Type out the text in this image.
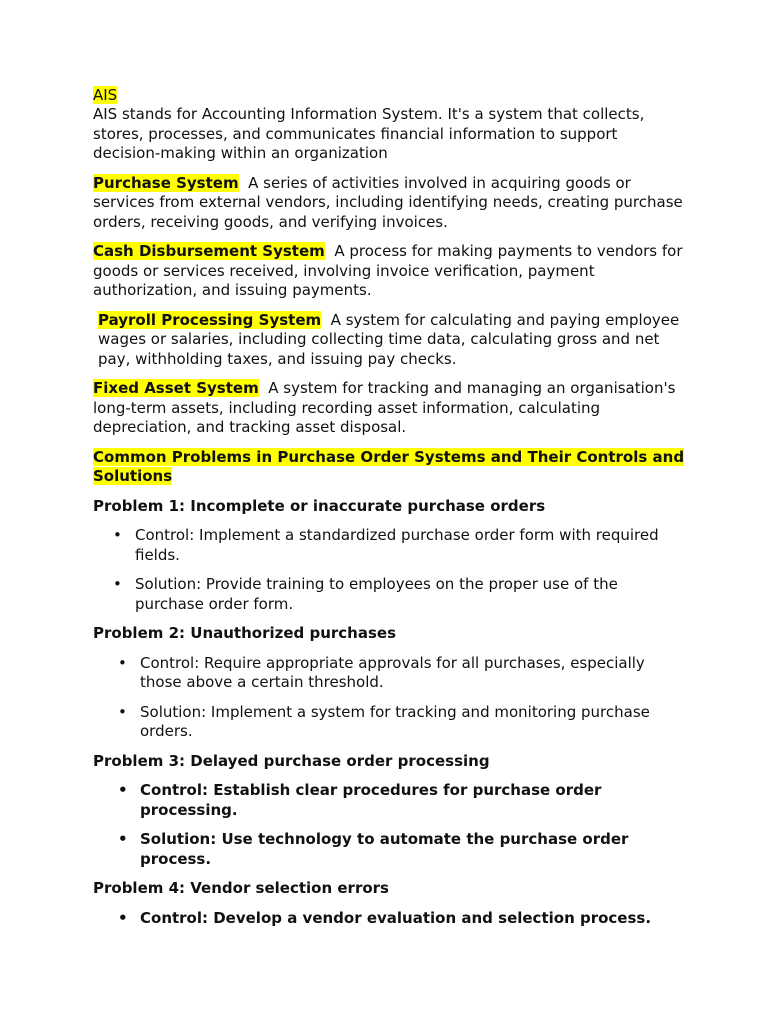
AIS

AIS stands for Accounting Information System. It's a system that collects, stores, processes, and communicates financial information to support decision-making within an organization

Purchase System A series of activities involved in acquiring goods or services from external vendors, including identifying needs, creating purchase orders, receiving goods, and verifying invoices.

Cash Disbursement System A process for making payments to vendors for goods or services received, involving invoice verification, payment authorization, and issuing payments.

Payroll Processing System A system for calculating and paying employee wages or salaries, including collecting time data, calculating gross and net pay, withholding taxes, and issuing pay checks.

Fixed Asset System A system for tracking and managing an organisation's long-term assets, including recording asset information, calculating depreciation, and tracking asset disposal.

Common Problems in Purchase Order Systems and Their Controls and Solutions

Problem 1: Incomplete or inaccurate purchase orders

• Control: Implement a standardized purchase order form with required fields.
• Solution: Provide training to employees on the proper use of the purchase order form.

Problem 2: Unauthorized purchases

• Control: Require appropriate approvals for all purchases, especially those above a certain threshold.
• Solution: Implement a system for tracking and monitoring purchase orders.

Problem 3: Delayed purchase order processing

• Control: Establish clear procedures for purchase order processing.
• Solution: Use technology to automate the purchase order process.

Problem 4: Vendor selection errors

• Control: Develop a vendor evaluation and selection process.
